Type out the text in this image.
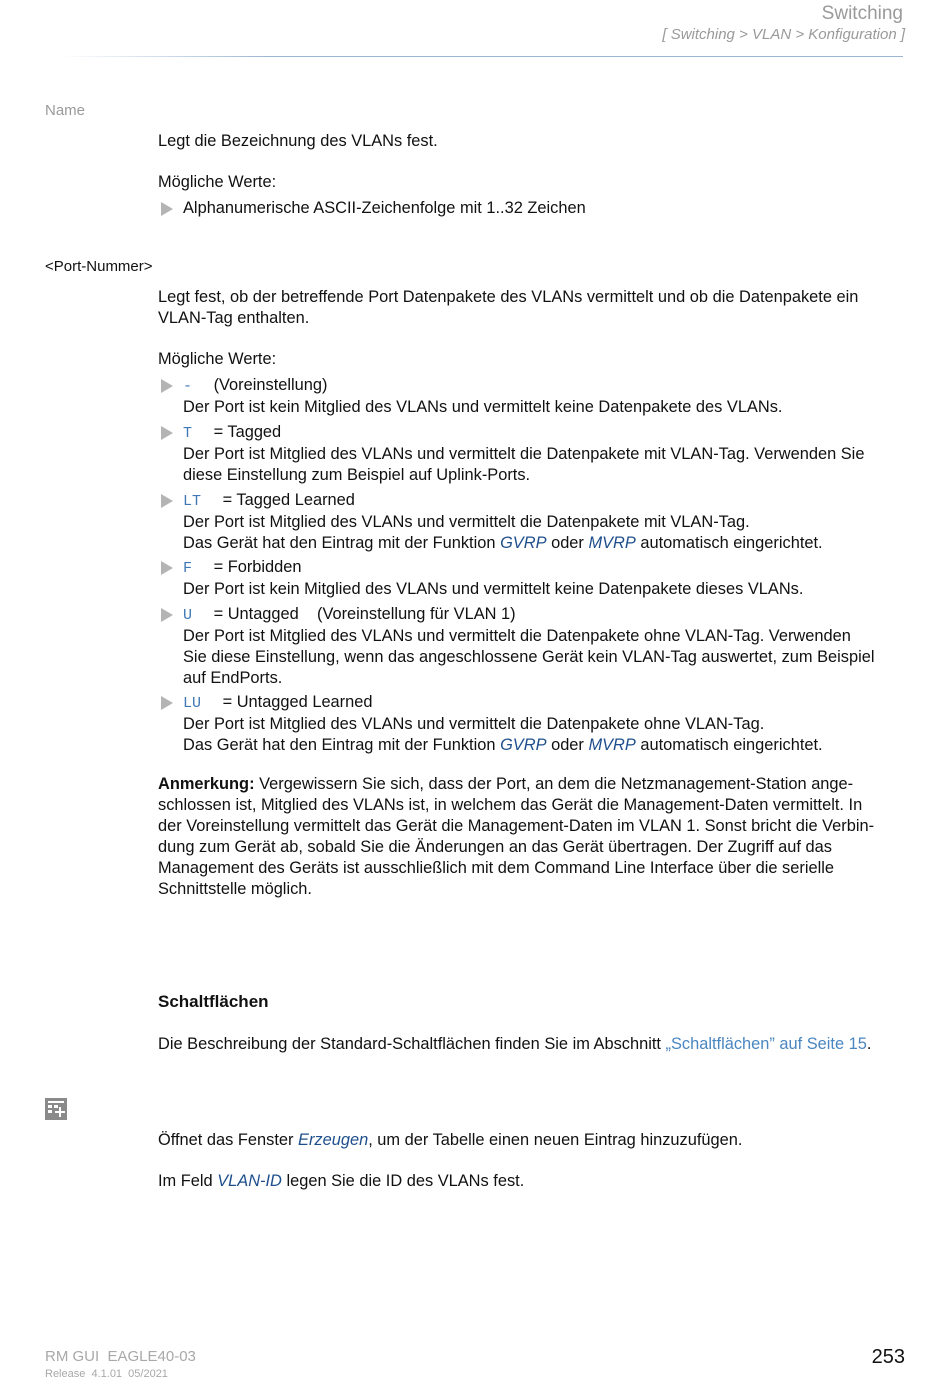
Switching
[ Switching > VLAN > Konfiguration ]
Name
Legt die Bezeichnung des VLANs fest.
Mögliche Werte:
Alphanumerische ASCII-Zeichenfolge mit 1..32 Zeichen
<Port-Nummer>
Legt fest, ob der betreffende Port Datenpakete des VLANs vermittelt und ob die Datenpakete ein
VLAN-Tag enthalten.
Mögliche Werte:
- (Voreinstellung)
Der Port ist kein Mitglied des VLANs und vermittelt keine Datenpakete des VLANs.
T = Tagged
Der Port ist Mitglied des VLANs und vermittelt die Datenpakete mit VLAN-Tag. Verwenden Sie
diese Einstellung zum Beispiel auf Uplink-Ports.
LT = Tagged Learned
Der Port ist Mitglied des VLANs und vermittelt die Datenpakete mit VLAN-Tag.
Das Gerät hat den Eintrag mit der Funktion GVRP oder MVRP automatisch eingerichtet.
F = Forbidden
Der Port ist kein Mitglied des VLANs und vermittelt keine Datenpakete dieses VLANs.
U = Untagged    (Voreinstellung für VLAN 1)
Der Port ist Mitglied des VLANs und vermittelt die Datenpakete ohne VLAN-Tag. Verwenden
Sie diese Einstellung, wenn das angeschlossene Gerät kein VLAN-Tag auswertet, zum Beispiel
auf EndPorts.
LU = Untagged Learned
Der Port ist Mitglied des VLANs und vermittelt die Datenpakete ohne VLAN-Tag.
Das Gerät hat den Eintrag mit der Funktion GVRP oder MVRP automatisch eingerichtet.
Anmerkung: Vergewissern Sie sich, dass der Port, an dem die Netzmanagement-Station ange-
schlossen ist, Mitglied des VLANs ist, in welchem das Gerät die Management-Daten vermittelt. In
der Voreinstellung vermittelt das Gerät die Management-Daten im VLAN 1. Sonst bricht die Verbin-
dung zum Gerät ab, sobald Sie die Änderungen an das Gerät übertragen. Der Zugriff auf das
Management des Geräts ist ausschließlich mit dem Command Line Interface über die serielle
Schnittstelle möglich.
Schaltflächen
Die Beschreibung der Standard-Schaltflächen finden Sie im Abschnitt „Schaltflächen” auf Seite 15.
Öffnet das Fenster Erzeugen, um der Tabelle einen neuen Eintrag hinzuzufügen.
Im Feld VLAN-ID legen Sie die ID des VLANs fest.
RM GUI  EAGLE40-03
Release  4.1.01  05/2021
253
